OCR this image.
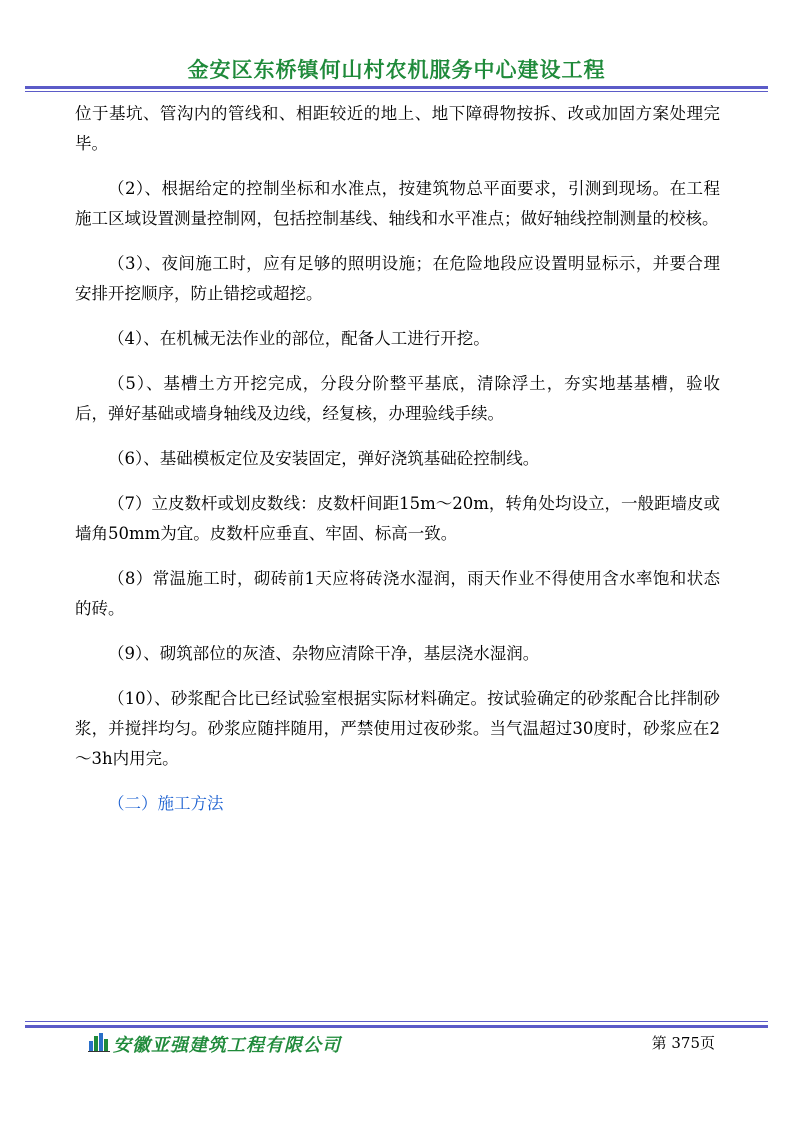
金安区东桥镇何山村农机服务中心建设工程

位于基坑、管沟内的管线和、相距较近的地上、地下障碍物按拆、改或加固方案处理完毕。

（2）、根据给定的控制坐标和水准点，按建筑物总平面要求，引测到现场。在工程施工区域设置测量控制网，包括控制基线、轴线和水平准点；做好轴线控制测量的校核。

（3）、夜间施工时，应有足够的照明设施；在危险地段应设置明显标示，并要合理安排开挖顺序，防止错挖或超挖。

（4）、在机械无法作业的部位，配备人工进行开挖。

（5）、基槽土方开挖完成，分段分阶整平基底，清除浮土，夯实地基基槽，验收后，弹好基础或墙身轴线及边线，经复核，办理验线手续。

（6）、基础模板定位及安装固定，弹好浇筑基础砼控制线。

（7）立皮数杆或划皮数线：皮数杆间距15m～20m，转角处均设立，一般距墙皮或墙角50mm为宜。皮数杆应垂直、牢固、标高一致。

（8）常温施工时，砌砖前1天应将砖浇水湿润，雨天作业不得使用含水率饱和状态的砖。

（9）、砌筑部位的灰渣、杂物应清除干净，基层浇水湿润。

（10）、砂浆配合比已经试验室根据实际材料确定。按试验确定的砂浆配合比拌制砂浆，并搅拌均匀。砂浆应随拌随用，严禁使用过夜砂浆。当气温超过30度时，砂浆应在2～3h内用完。

（二）施工方法
安徽亚强建筑工程有限公司	第 375页
